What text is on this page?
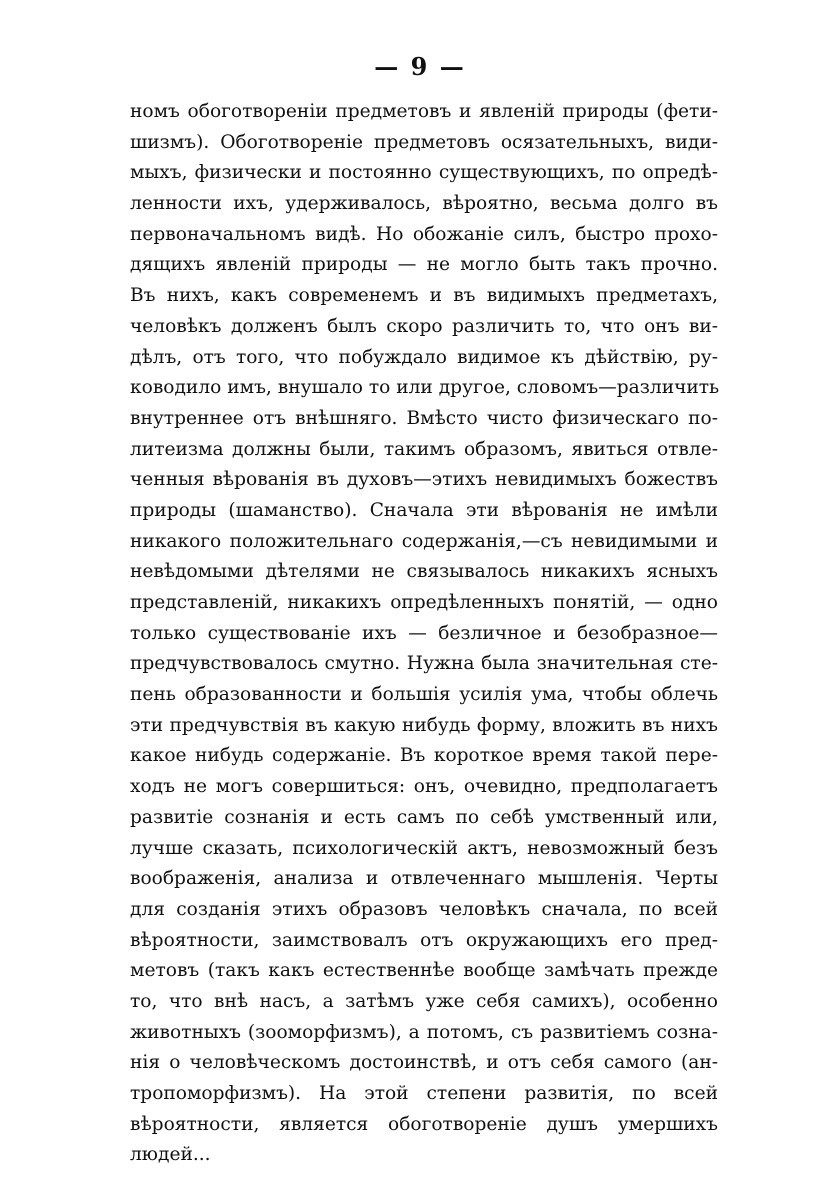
— 9 —
номъ обоготвореніи предметовъ и явленій природы (фети-
шизмъ). Обоготвореніе предметовъ осязательныхъ, види-
мыхъ, физически и постоянно существующихъ, по опредѣ-
ленности ихъ, удерживалось, вѣроятно, весьма долго въ
первоначальномъ видѣ. Но обожаніе силъ, быстро прохо-
дящихъ явленій природы — не могло быть такъ прочно.
Въ нихъ, какъ современемъ и въ видимыхъ предметахъ,
человѣкъ долженъ былъ скоро различить то, что онъ ви-
дѣлъ, отъ того, что побуждало видимое къ дѣйствію, ру-
ководило имъ, внушало то или другое, словомъ—различить
внутреннее отъ внѣшняго. Вмѣсто чисто физическаго по-
литеизма должны были, такимъ образомъ, явиться отвле-
ченныя вѣрованія въ духовъ—этихъ невидимыхъ божествъ
природы (шаманство). Сначала эти вѣрованія не имѣли
никакого положительнаго содержанія,—съ невидимыми и
невѣдомыми дѣтелями не связывалось никакихъ ясныхъ
представленій, никакихъ опредѣленныхъ понятій, — одно
только существованіе ихъ — безличное и безобразное—
предчувствовалось смутно. Нужна была значительная сте-
пень образованности и большія усилія ума, чтобы облечь
эти предчувствія въ какую нибудь форму, вложить въ нихъ
какое нибудь содержаніе. Въ короткое время такой пере-
ходъ не могъ совершиться: онъ, очевидно, предполагаетъ
развитіе сознанія и есть самъ по себѣ умственный или,
лучше сказать, психологическій актъ, невозможный безъ
воображенія, анализа и отвлеченнаго мышленія. Черты
для созданія этихъ образовъ человѣкъ сначала, по всей
вѣроятности, заимствовалъ отъ окружающихъ его пред-
метовъ (такъ какъ естественнѣе вообще замѣчать прежде
то, что внѣ насъ, а затѣмъ уже себя самихъ), особенно
животныхъ (зооморфизмъ), а потомъ, съ развитіемъ созна-
нія о человѣческомъ достоинствѣ, и отъ себя самого (ан-
тропоморфизмъ). На этой степени развитія, по всей
вѣроятности, является обоготвореніе душъ умершихъ
людей...
